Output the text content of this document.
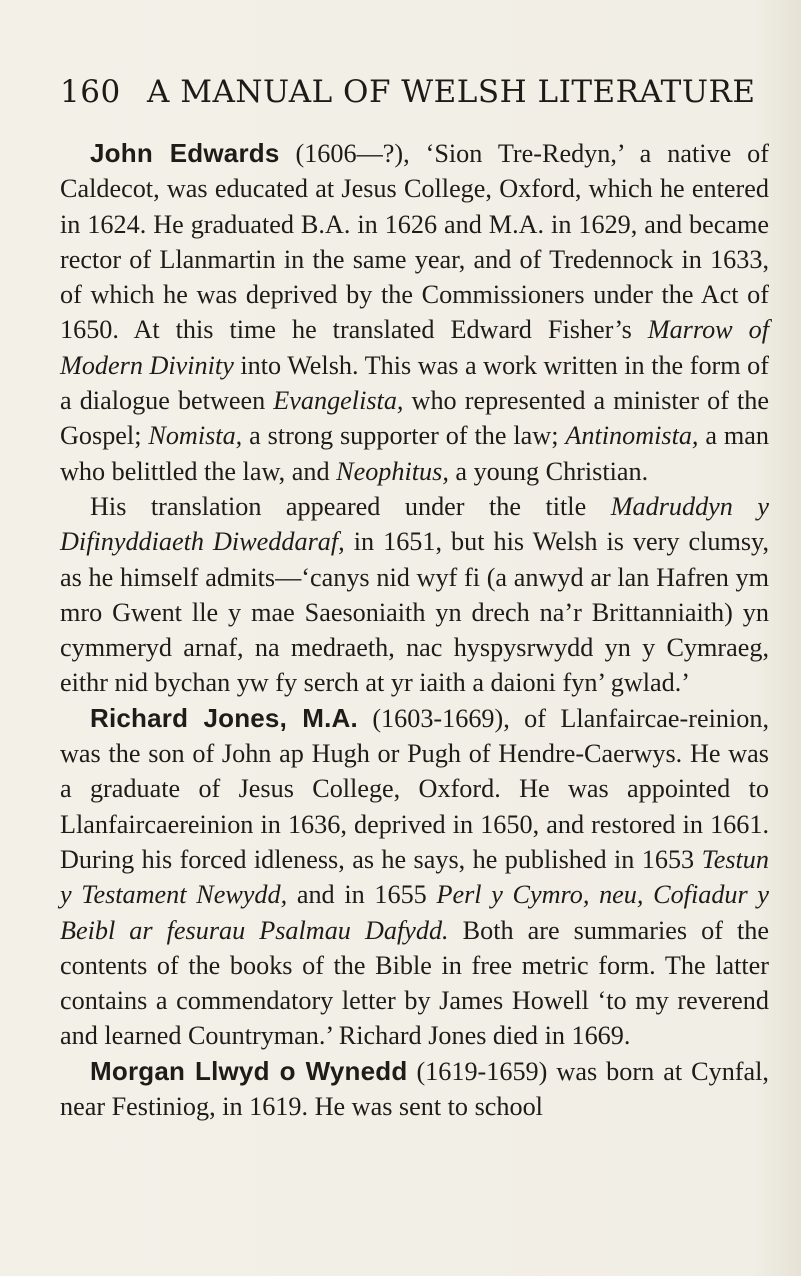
160 A MANUAL OF WELSH LITERATURE

John Edwards (1606—?), ‘Sion Tre-Redyn,’ a native of Caldecot, was educated at Jesus College, Oxford, which he entered in 1624. He graduated B.A. in 1626 and M.A. in 1629, and became rector of Llanmartin in the same year, and of Tredennock in 1633, of which he was deprived by the Commissioners under the Act of 1650. At this time he translated Edward Fisher’s Marrow of Modern Divinity into Welsh. This was a work written in the form of a dialogue between Evangelista, who represented a minister of the Gospel; Nomista, a strong supporter of the law; Antinomista, a man who belittled the law, and Neophitus, a young Christian.

His translation appeared under the title Madruddyn y Difinyddiaeth Diweddaraf, in 1651, but his Welsh is very clumsy, as he himself admits—‘canys nid wyf fi (a anwyd ar lan Hafren ym mro Gwent lle y mae Saesoniaith yn drech na’r Brittanniaith) yn cymmeryd arnaf, na medraeth, nac hyspysrwydd yn y Cymraeg, eithr nid bychan yw fy serch at yr iaith a daioni fyn’ gwlad.’

Richard Jones, M.A. (1603-1669), of Llanfaircae-reinion, was the son of John ap Hugh or Pugh of Hendre-Caerwys. He was a graduate of Jesus College, Oxford. He was appointed to Llanfaircaereinion in 1636, deprived in 1650, and restored in 1661. During his forced idleness, as he says, he published in 1653 Testun y Testament Newydd, and in 1655 Perl y Cymro, neu, Cofiadur y Beibl ar fesurau Psalmau Dafydd. Both are summaries of the contents of the books of the Bible in free metric form. The latter contains a commendatory letter by James Howell ‘to my reverend and learned Countryman.’ Richard Jones died in 1669.

Morgan Llwyd o Wynedd (1619-1659) was born at Cynfal, near Festiniog, in 1619. He was sent to school
